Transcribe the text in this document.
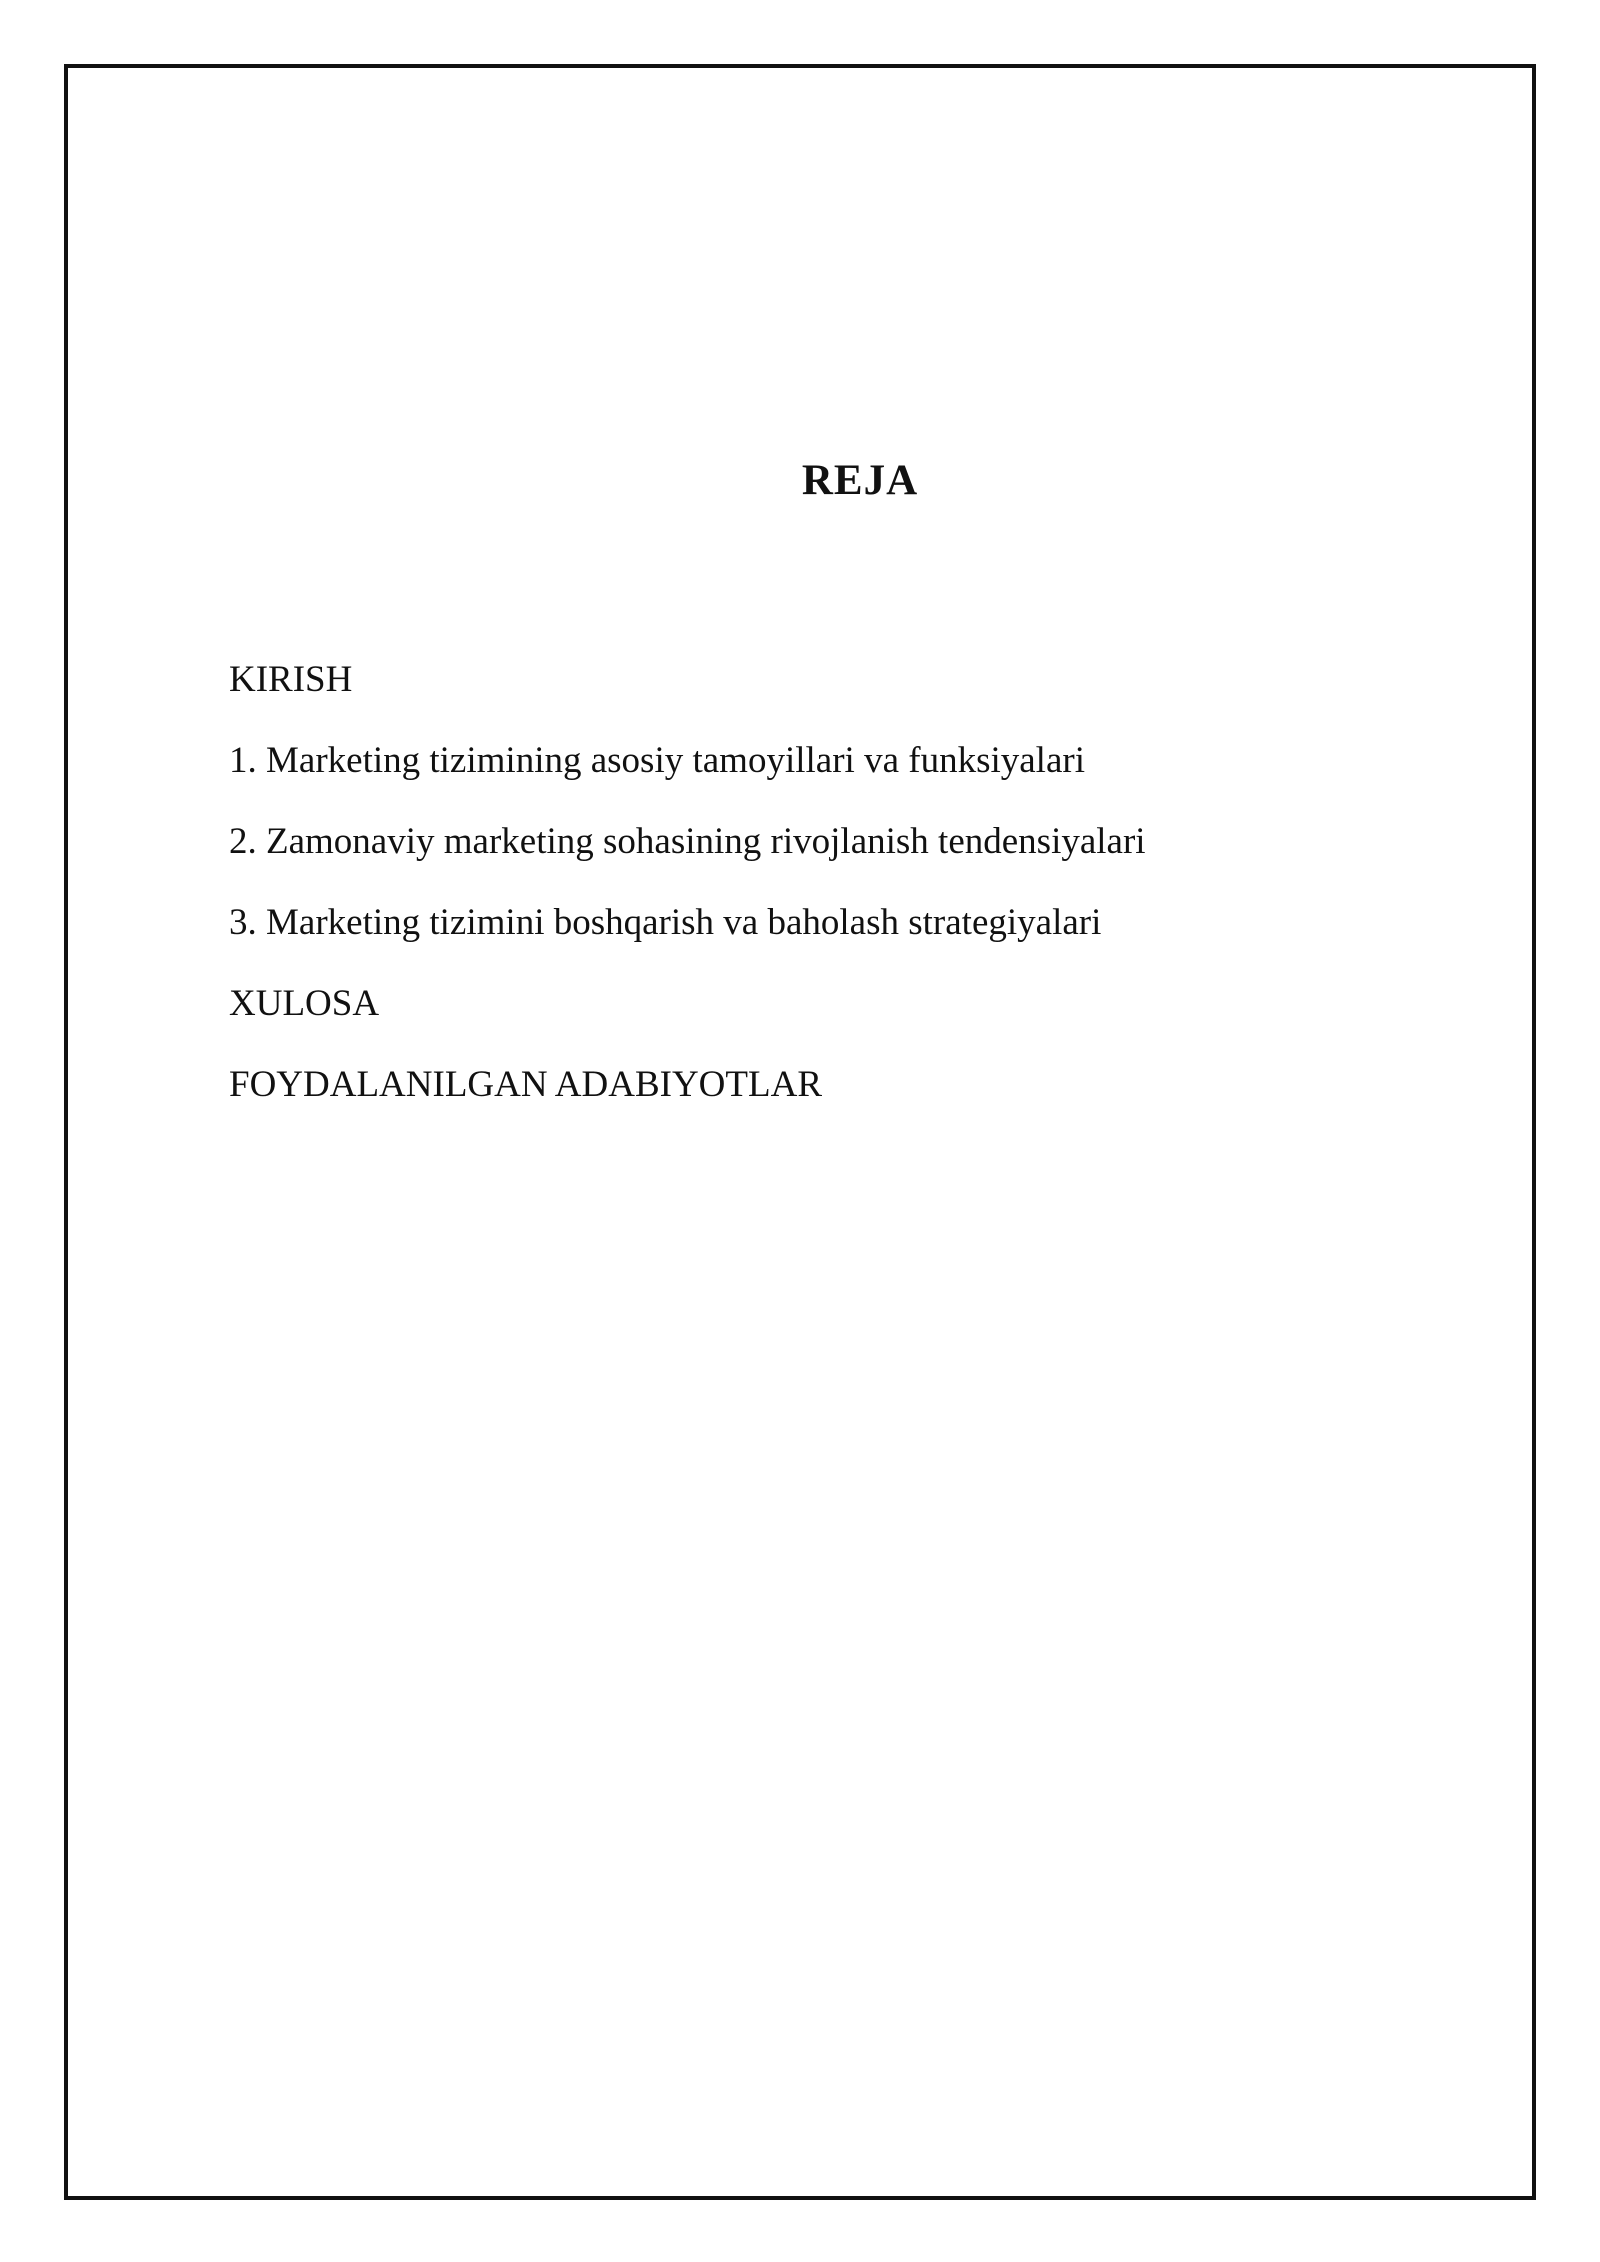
REJA
KIRISH
1. Marketing tizimining asosiy tamoyillari va funksiyalari
2. Zamonaviy marketing sohasining rivojlanish tendensiyalari
3. Marketing tizimini boshqarish va baholash strategiyalari
XULOSA
FOYDALANILGAN ADABIYOTLAR
